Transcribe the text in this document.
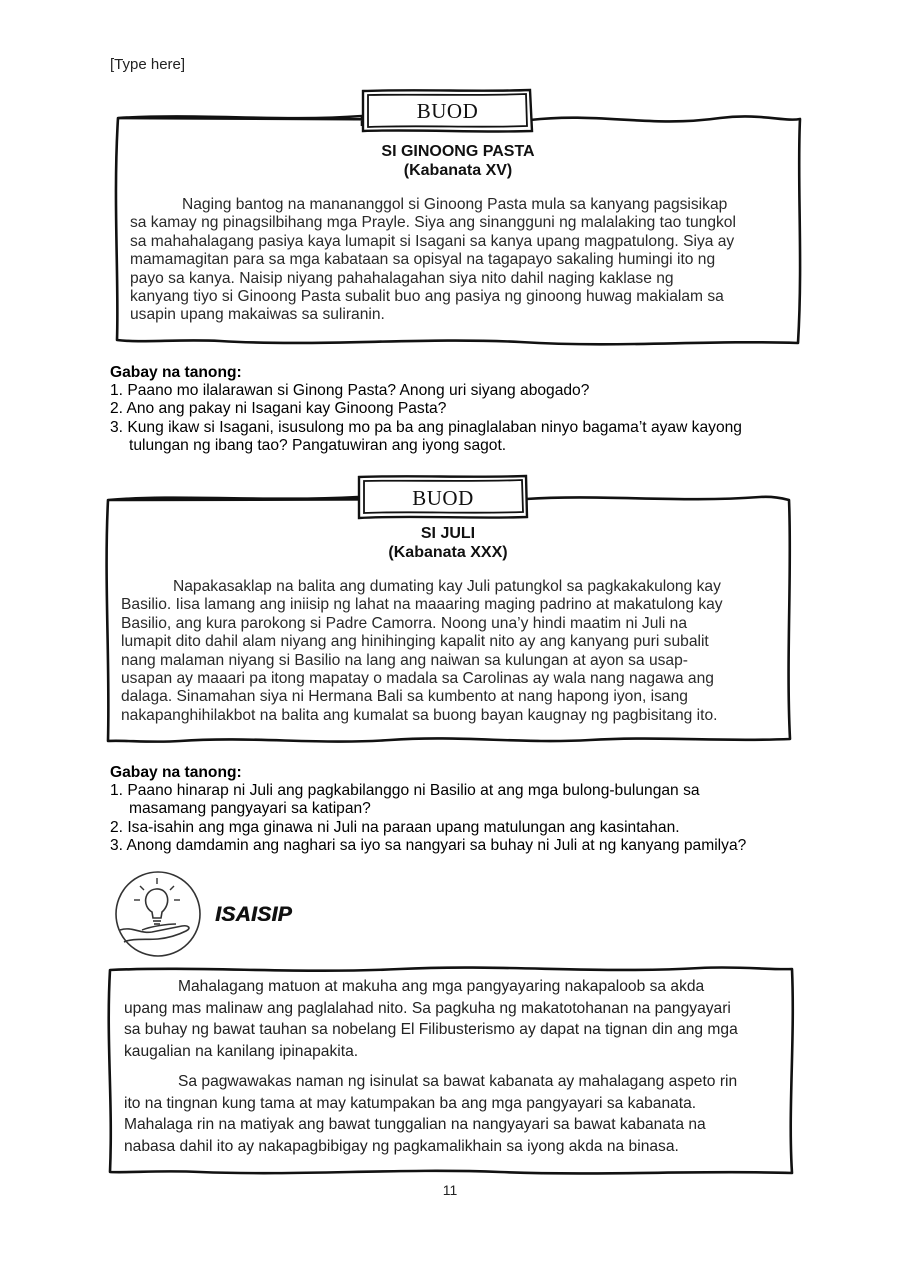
[Type here]
BUOD
SI GINOONG PASTA
(Kabanata XV)
Naging bantog na manananggol si Ginoong Pasta mula sa kanyang pagsisikap
sa kamay ng pinagsilbihang mga Prayle. Siya ang sinangguni ng malalaking tao tungkol
sa mahahalagang pasiya kaya lumapit si Isagani sa kanya upang magpatulong. Siya ay
mamamagitan para sa mga kabataan sa opisyal na tagapayo sakaling humingi ito ng
payo sa kanya. Naisip niyang pahahalagahan siya nito dahil naging kaklase ng
kanyang tiyo si Ginoong Pasta subalit buo ang pasiya ng ginoong huwag makialam sa
usapin upang makaiwas sa suliranin.
Gabay na tanong:
1. Paano mo ilalarawan si Ginong Pasta? Anong uri siyang abogado?
2. Ano ang pakay ni Isagani kay Ginoong Pasta?
3. Kung ikaw si Isagani, isusulong mo pa ba ang pinaglalaban ninyo bagama’t ayaw kayong
tulungan ng ibang tao? Pangatuwiran ang iyong sagot.
BUOD
SI JULI
(Kabanata XXX)
Napakasaklap na balita ang dumating kay Juli patungkol sa pagkakakulong kay
Basilio. Iisa lamang ang iniisip ng lahat na maaaring maging padrino at makatulong kay
Basilio, ang kura parokong si Padre Camorra. Noong una’y hindi maatim ni Juli na
lumapit dito dahil alam niyang ang hinihinging kapalit nito ay ang kanyang puri subalit
nang malaman niyang si Basilio na lang ang naiwan sa kulungan at ayon sa usap-
usapan ay maaari pa itong mapatay o madala sa Carolinas ay wala nang nagawa ang
dalaga. Sinamahan siya ni Hermana Bali sa kumbento at nang hapong iyon, isang
nakapanghihilakbot na balita ang kumalat sa buong bayan kaugnay ng pagbisitang ito.
Gabay na tanong:
1. Paano hinarap ni Juli ang pagkabilanggo ni Basilio at ang mga bulong-bulungan sa
masamang pangyayari sa katipan?
2. Isa-isahin ang mga ginawa ni Juli na paraan upang matulungan ang kasintahan.
3. Anong damdamin ang naghari sa iyo sa nangyari sa buhay ni Juli at ng kanyang pamilya?
ISAISIP
Mahalagang matuon at makuha ang mga pangyayaring nakapaloob sa akda
upang mas malinaw ang paglalahad nito. Sa pagkuha ng makatotohanan na pangyayari
sa buhay ng bawat tauhan sa nobelang El Filibusterismo ay dapat na tignan din ang mga
kaugalian na kanilang ipinapakita.
Sa pagwawakas naman ng isinulat sa bawat kabanata ay mahalagang aspeto rin
ito na tingnan kung tama at may katumpakan ba ang mga pangyayari sa kabanata.
Mahalaga rin na matiyak ang bawat tunggalian na nangyayari sa bawat kabanata na
nabasa dahil ito ay nakapagbibigay ng pagkamalikhain sa iyong akda na binasa.
11
